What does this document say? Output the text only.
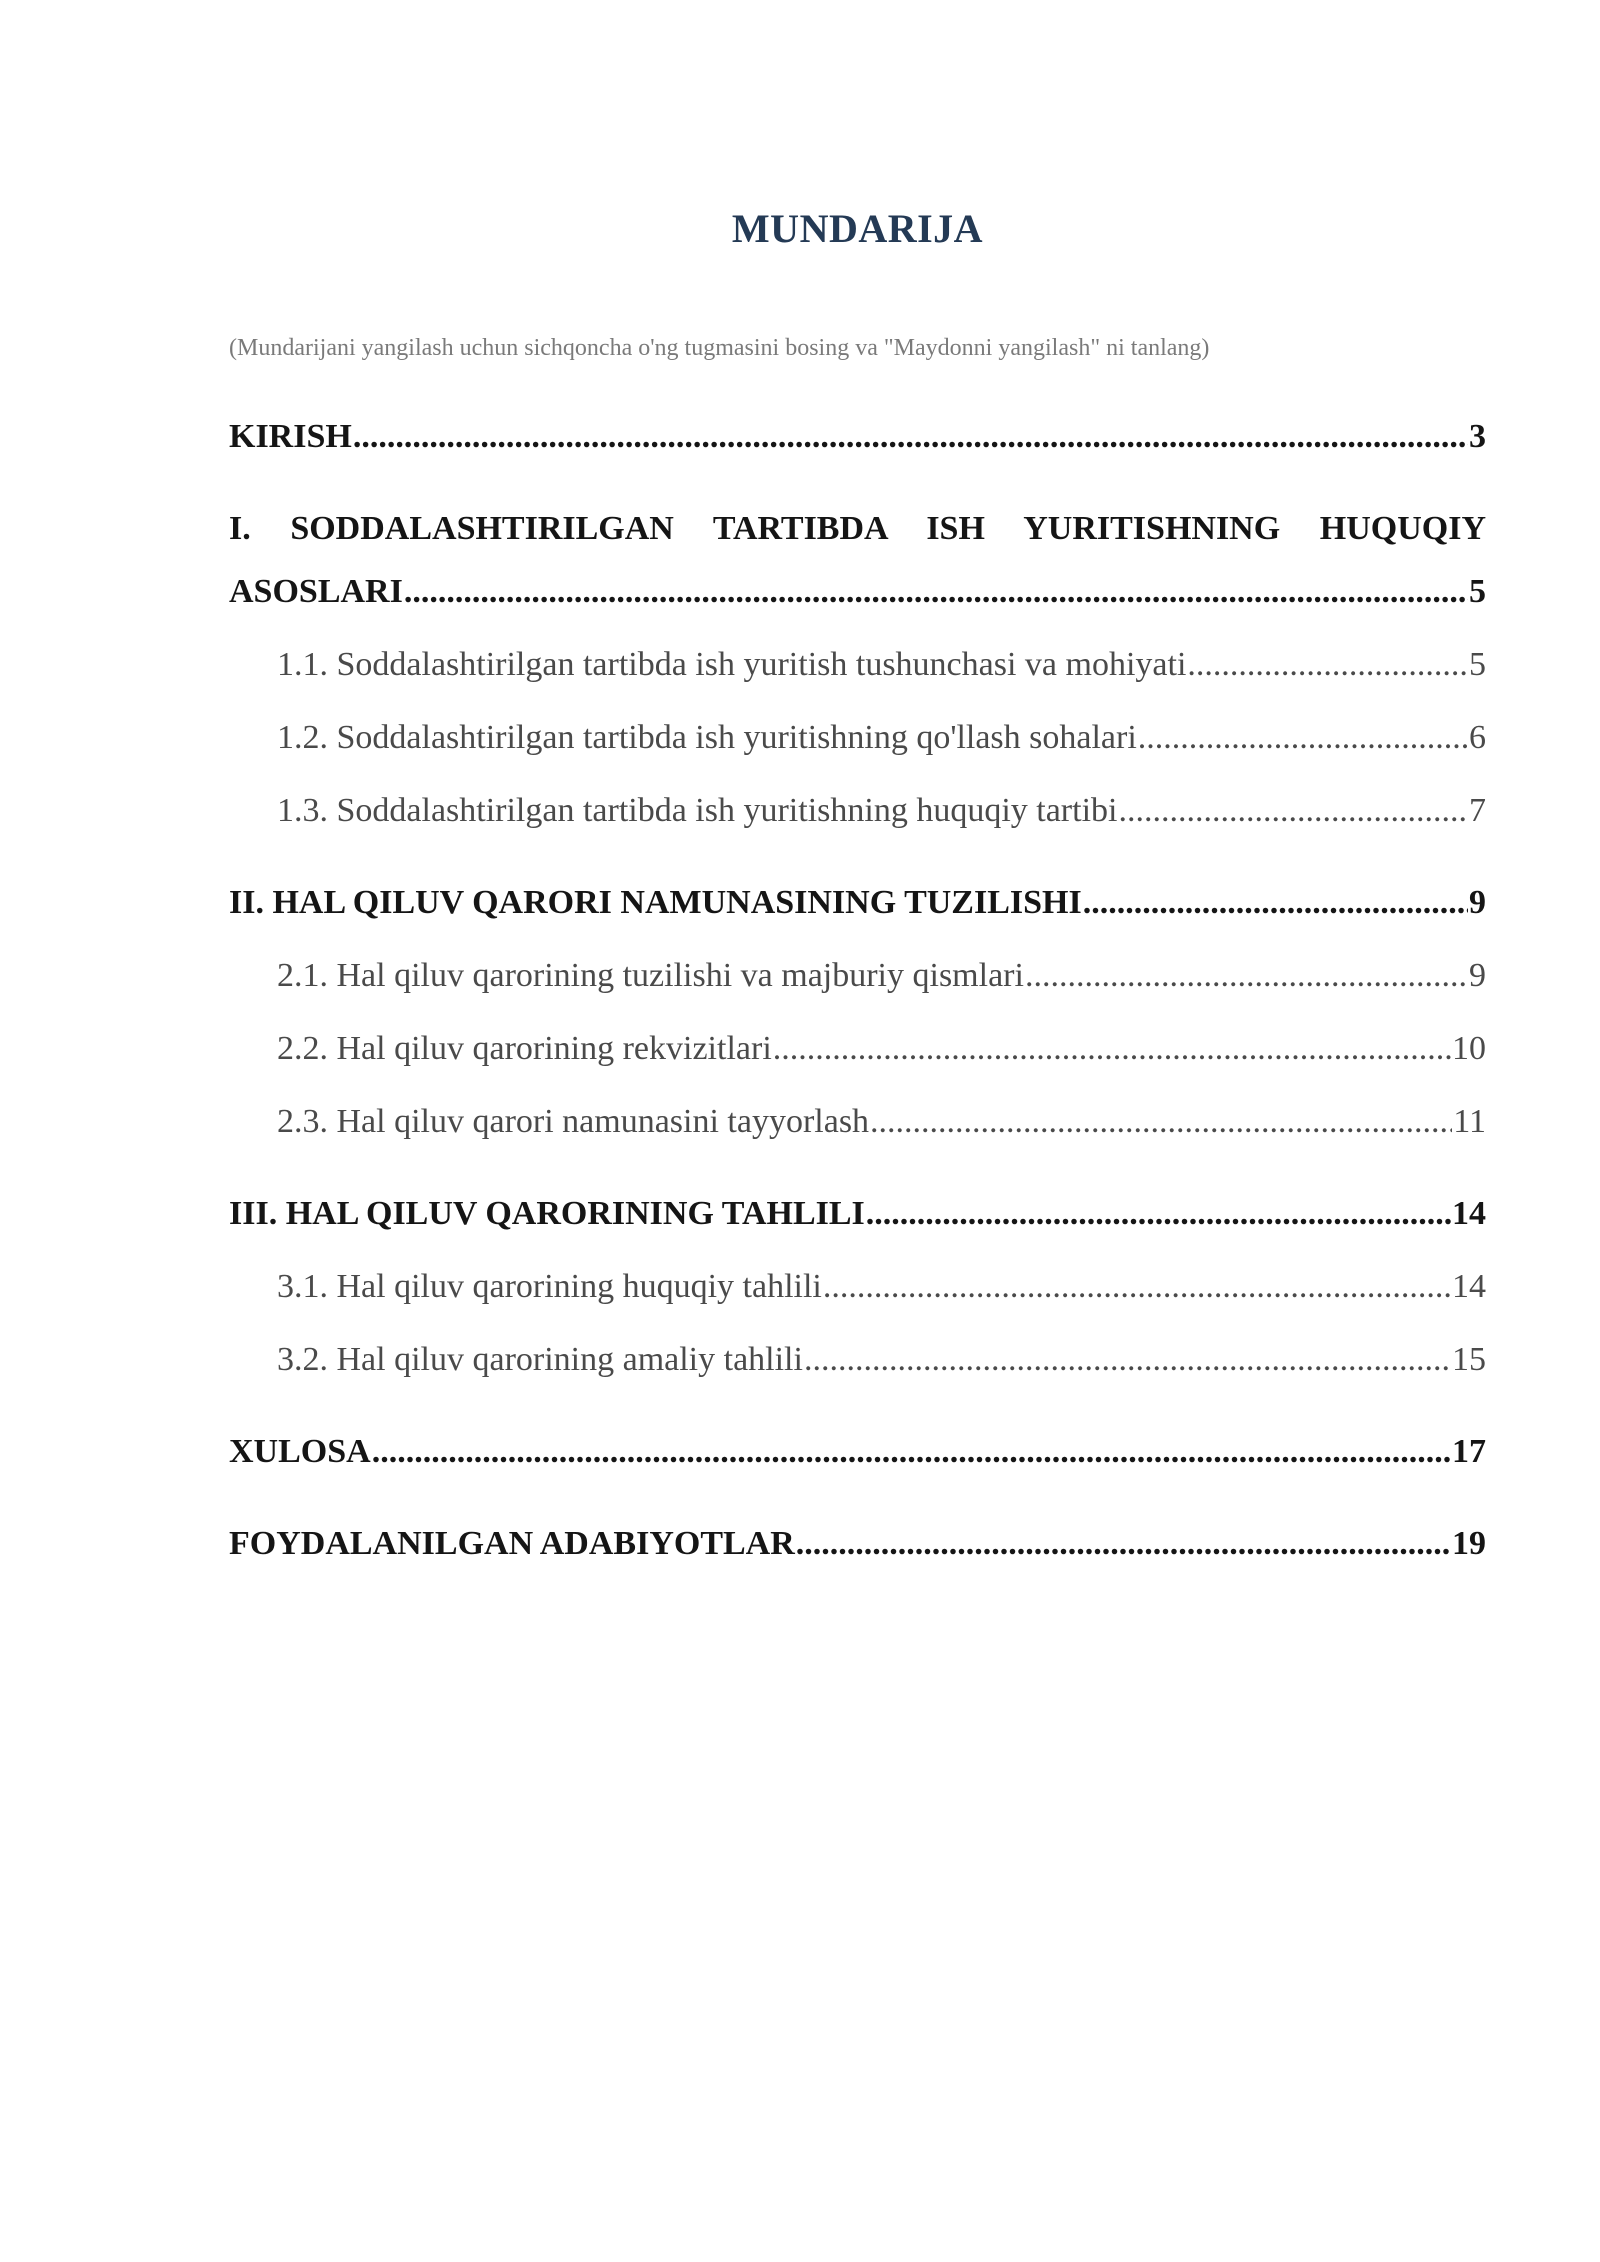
MUNDARIJA
(Mundarijani yangilash uchun sichqoncha o'ng tugmasini bosing va "Maydonni yangilash" ni tanlang)
KIRISH .....	3
I. SODDALASHTIRILGAN TARTIBDA ISH YURITISHNING HUQUQIY
ASOSLARI .....	5
1.1. Soddalashtirilgan tartibda ish yuritish tushunchasi va mohiyati .....	5
1.2. Soddalashtirilgan tartibda ish yuritishning qo'llash sohalari .....	6
1.3. Soddalashtirilgan tartibda ish yuritishning huquqiy tartibi .....	7
II. HAL QILUV QARORI NAMUNASINING TUZILISHI .....	9
2.1. Hal qiluv qarorining tuzilishi va majburiy qismlari .....	9
2.2. Hal qiluv qarorining rekvizitlari .....	10
2.3. Hal qiluv qarori namunasini tayyorlash .....	11
III. HAL QILUV QARORINING TAHLILI .....	14
3.1. Hal qiluv qarorining huquqiy tahlili .....	14
3.2. Hal qiluv qarorining amaliy tahlili .....	15
XULOSA .....	17
FOYDALANILGAN ADABIYOTLAR .....	19
